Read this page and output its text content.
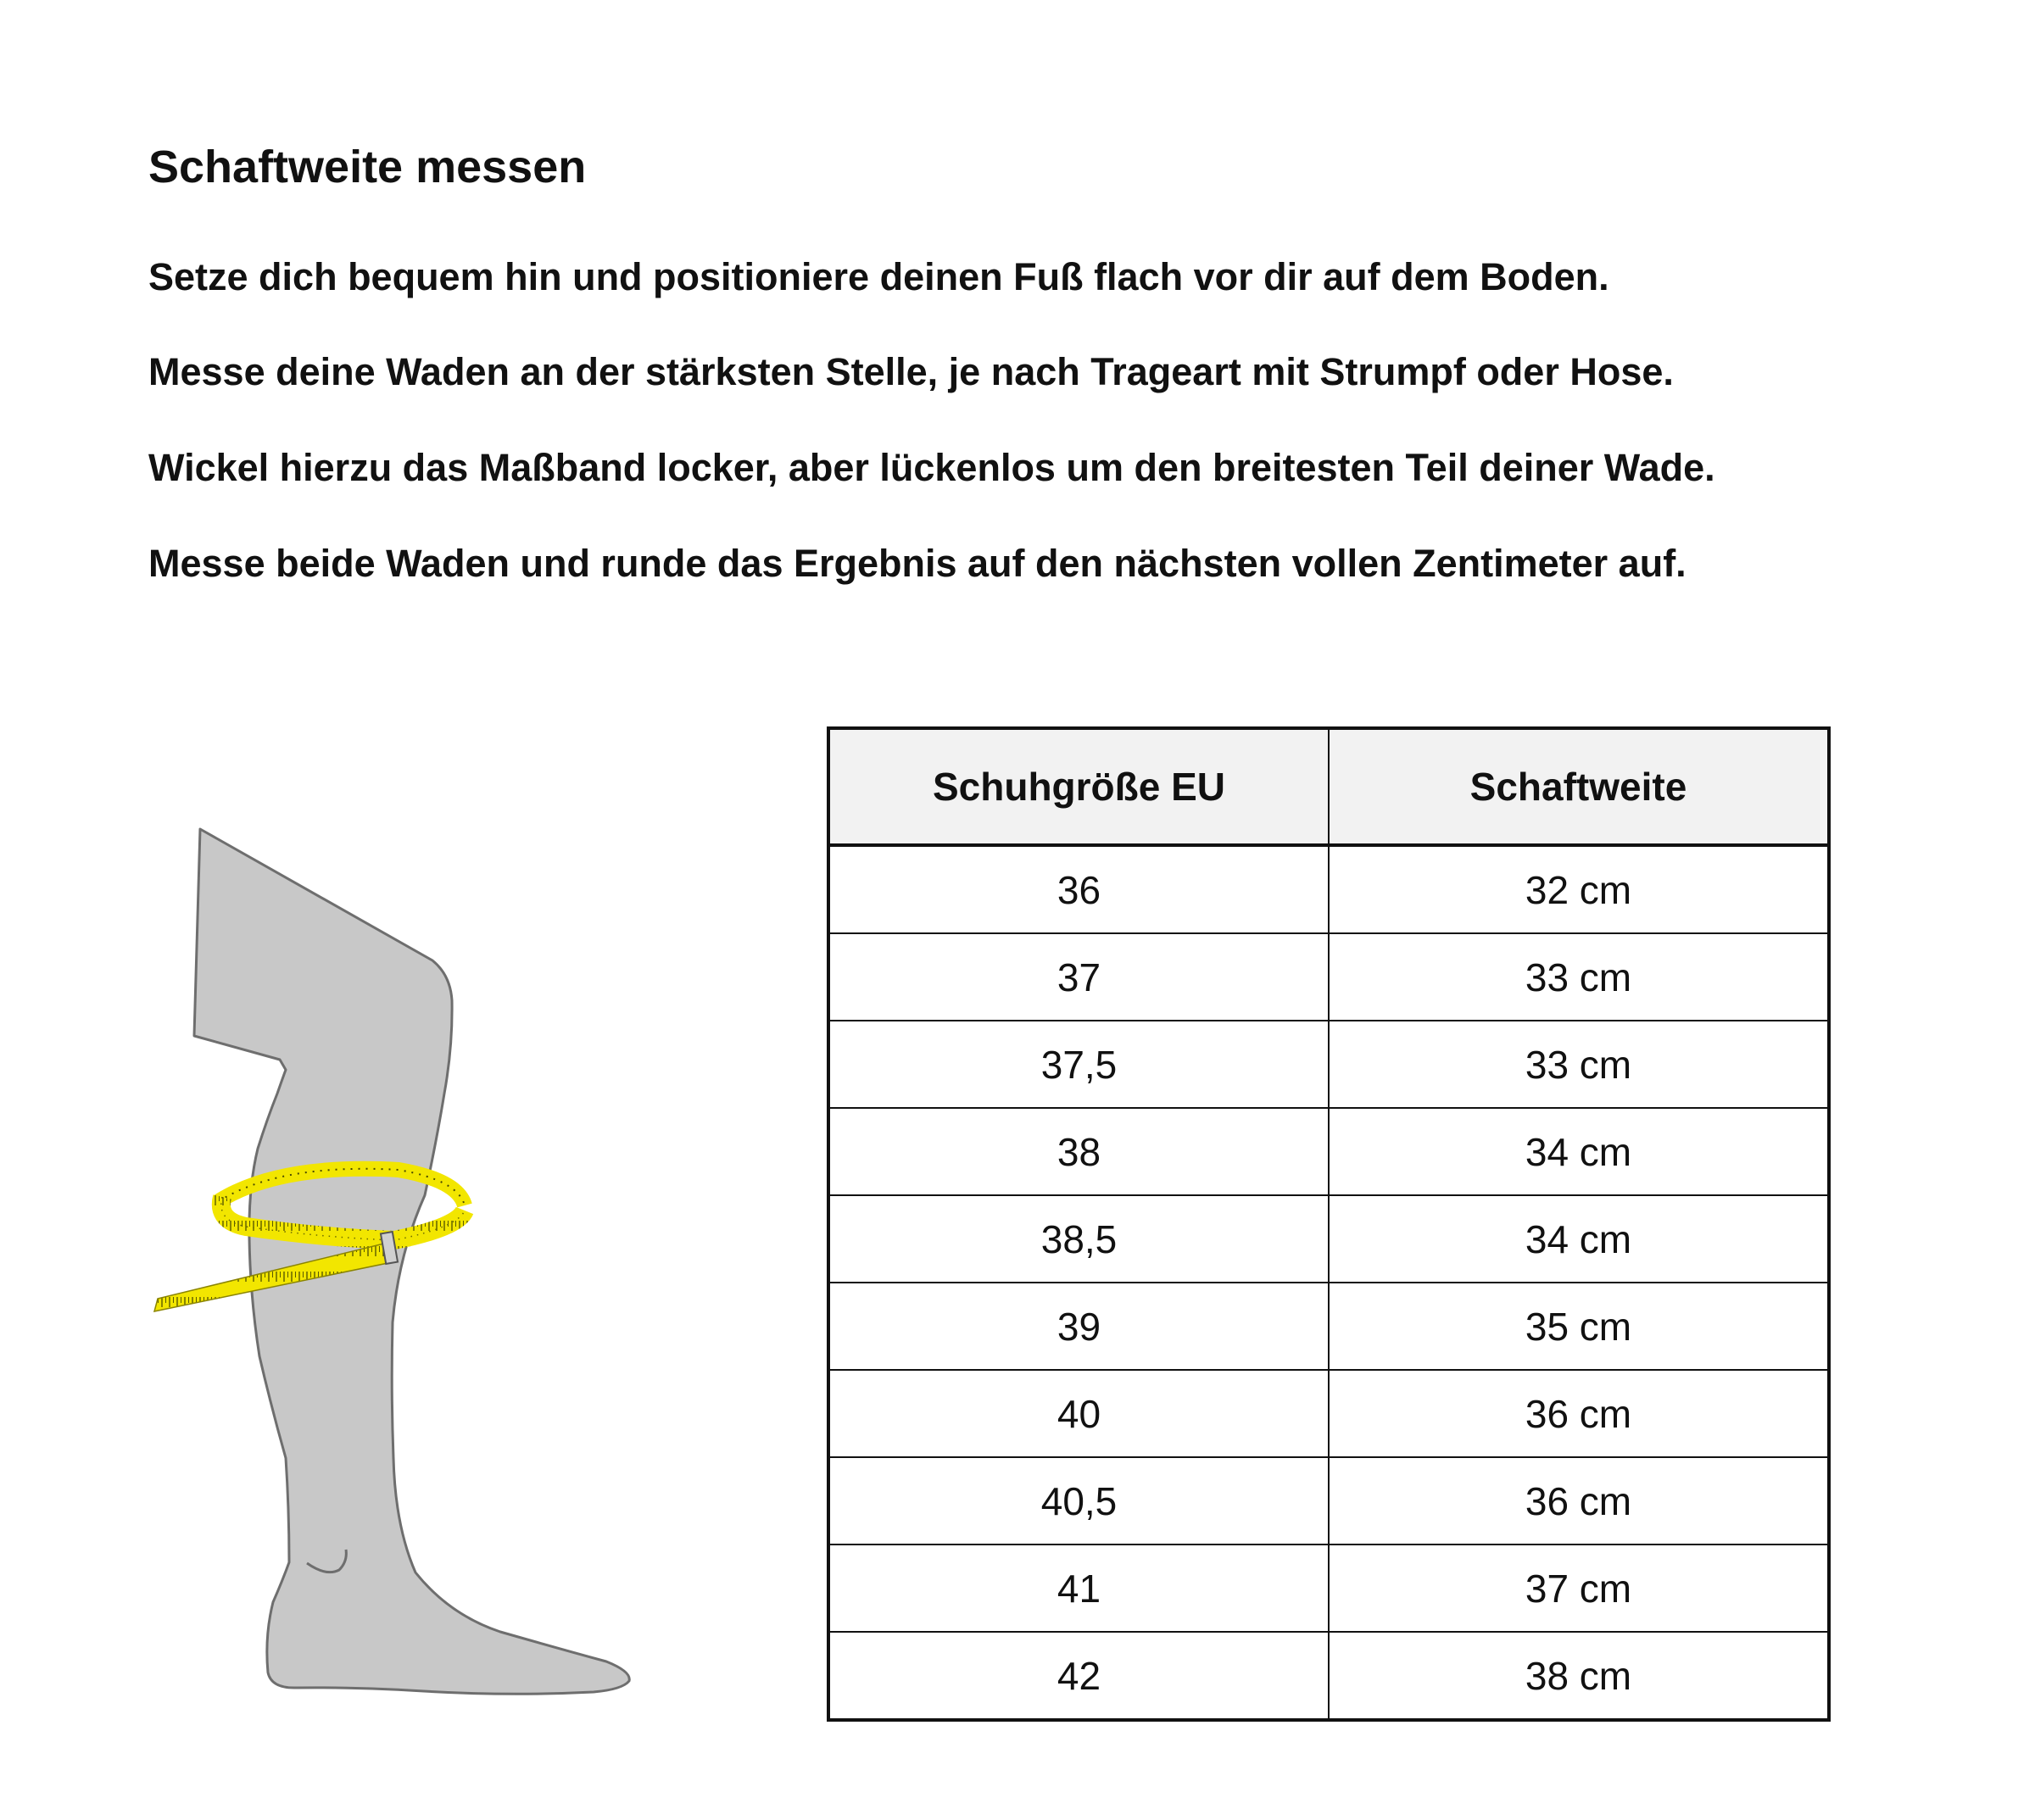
Schaftweite messen

Setze dich bequem hin und positioniere deinen Fuß flach vor dir auf dem Boden.

Messe deine Waden an der stärksten Stelle, je nach Trageart mit Strumpf oder Hose.

Wickel hierzu das Maßband locker, aber lückenlos um den breitesten Teil deiner Wade.

Messe beide Waden und runde das Ergebnis auf den nächsten vollen Zentimeter auf.

Schuhgröße EU	Schaftweite
36	32 cm
37	33 cm
37,5	33 cm
38	34 cm
38,5	34 cm
39	35 cm
40	36 cm
40,5	36 cm
41	37 cm
42	38 cm
